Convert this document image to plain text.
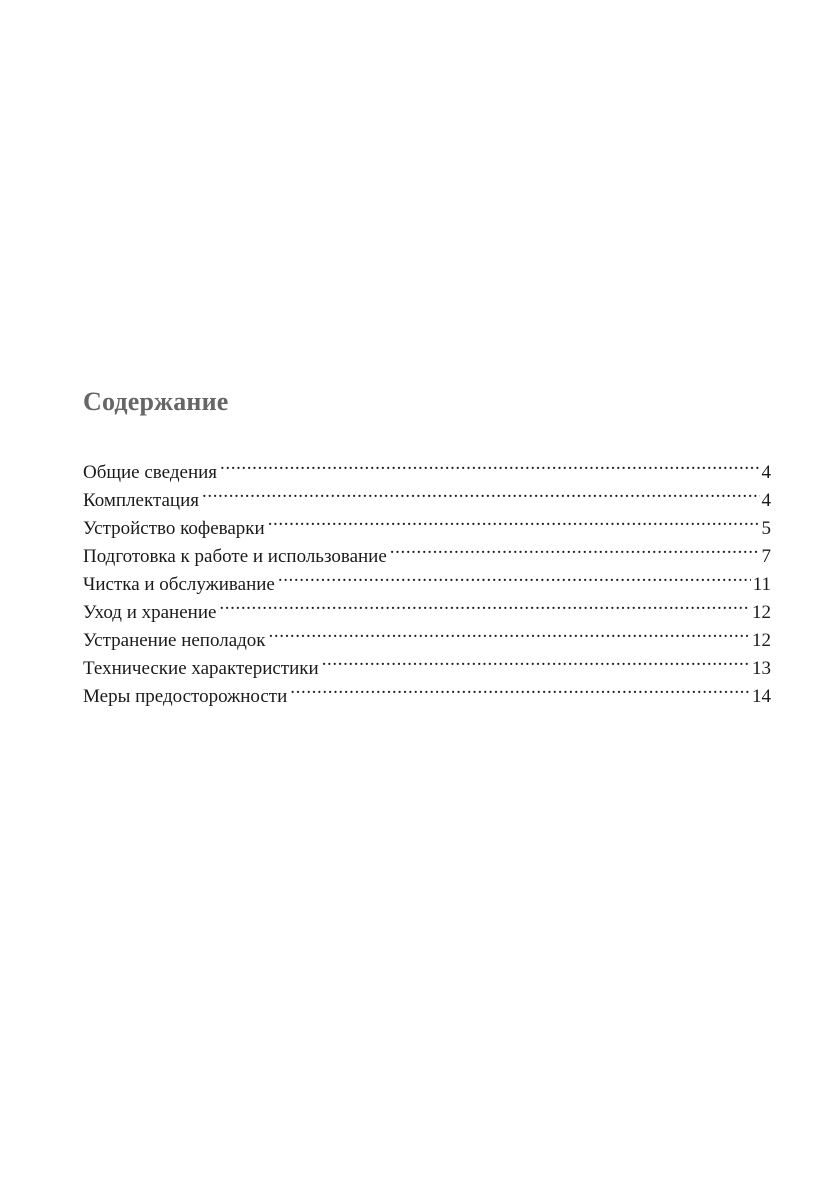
Содержание
Общие сведения .....	4
Комплектация .....	4
Устройство кофеварки .....	5
Подготовка к работе и использование .....	7
Чистка и обслуживание .....	11
Уход и хранение .....	12
Устранение неполадок .....	12
Технические характеристики .....	13
Меры предосторожности .....	14
